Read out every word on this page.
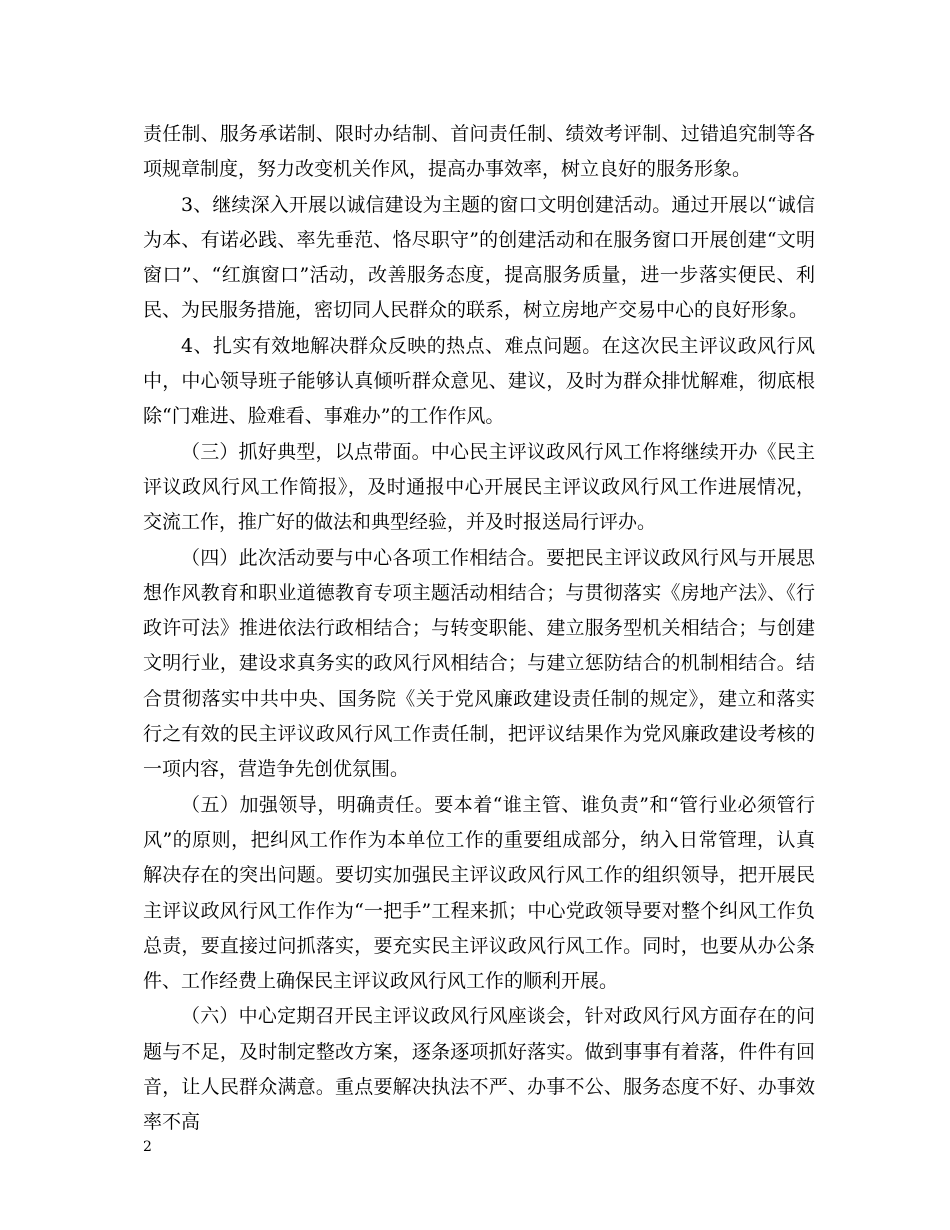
责任制、服务承诺制、限时办结制、首问责任制、绩效考评制、过错追究制等各项规章制度，努力改变机关作风，提高办事效率，树立良好的服务形象。

3、继续深入开展以诚信建设为主题的窗口文明创建活动。通过开展以“诚信为本、有诺必践、率先垂范、恪尽职守”的创建活动和在服务窗口开展创建“文明窗口”、“红旗窗口”活动，改善服务态度，提高服务质量，进一步落实便民、利民、为民服务措施，密切同人民群众的联系，树立房地产交易中心的良好形象。

4、扎实有效地解决群众反映的热点、难点问题。在这次民主评议政风行风中，中心领导班子能够认真倾听群众意见、建议，及时为群众排忧解难，彻底根除“门难进、脸难看、事难办”的工作作风。

（三）抓好典型，以点带面。中心民主评议政风行风工作将继续开办《民主评议政风行风工作简报》，及时通报中心开展民主评议政风行风工作进展情况，交流工作，推广好的做法和典型经验，并及时报送局行评办。

（四）此次活动要与中心各项工作相结合。要把民主评议政风行风与开展思想作风教育和职业道德教育专项主题活动相结合；与贯彻落实《房地产法》、《行政许可法》推进依法行政相结合；与转变职能、建立服务型机关相结合；与创建文明行业，建设求真务实的政风行风相结合；与建立惩防结合的机制相结合。结合贯彻落实中共中央、国务院《关于党风廉政建设责任制的规定》，建立和落实行之有效的民主评议政风行风工作责任制，把评议结果作为党风廉政建设考核的一项内容，营造争先创优氛围。

（五）加强领导，明确责任。要本着“谁主管、谁负责”和“管行业必须管行风”的原则，把纠风工作作为本单位工作的重要组成部分，纳入日常管理，认真解决存在的突出问题。要切实加强民主评议政风行风工作的组织领导，把开展民主评议政风行风工作作为“一把手”工程来抓；中心党政领导要对整个纠风工作负总责，要直接过问抓落实，要充实民主评议政风行风工作。同时，也要从办公条件、工作经费上确保民主评议政风行风工作的顺利开展。

（六）中心定期召开民主评议政风行风座谈会，针对政风行风方面存在的问题与不足，及时制定整改方案，逐条逐项抓好落实。做到事事有着落，件件有回音，让人民群众满意。重点要解决执法不严、办事不公、服务态度不好、办事效率不高

2
